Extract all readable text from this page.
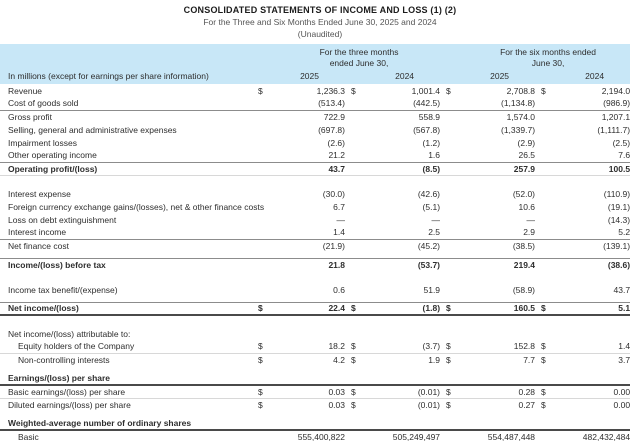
CONSOLIDATED STATEMENTS OF INCOME AND LOSS (1) (2)
For the Three and Six Months Ended June 30, 2025 and 2024
(Unaudited)
	For the three months				For the six months ended			
	ended June 30,				June 30,			
In millions (except for earnings per share information)	2025		2024		2025		2024	
Revenue	$	1,236.3	$	1,001.4	$	2,708.8	$	2,194.0
Cost of goods sold		(513.4)		(442.5)		(1,134.8)		(986.9)
Gross profit		722.9		558.9		1,574.0		1,207.1
Selling, general and administrative expenses		(697.8)		(567.8)		(1,339.7)		(1,111.7)
Impairment losses		(2.6)		(1.2)		(2.9)		(2.5)
Other operating income		21.2		1.6		26.5		7.6
Operating profit/(loss)		43.7		(8.5)		257.9		100.5

Interest expense		(30.0)		(42.6)		(52.0)		(110.9)
Foreign currency exchange gains/(losses), net & other finance costs		6.7		(5.1)		10.6		(19.1)
Loss on debt extinguishment		—		—		—		(14.3)
Interest income		1.4		2.5		2.9		5.2
Net finance cost		(21.9)		(45.2)		(38.5)		(139.1)

Income/(loss) before tax		21.8		(53.7)		219.4		(38.6)

Income tax benefit/(expense)		0.6		51.9		(58.9)		43.7

Net income/(loss)	$	22.4	$	(1.8)	$	160.5	$	5.1

Net income/(loss) attributable to:								
Equity holders of the Company	$	18.2	$	(3.7)	$	152.8	$	1.4
Non-controlling interests	$	4.2	$	1.9	$	7.7	$	3.7

Earnings/(loss) per share								
Basic earnings/(loss) per share	$	0.03	$	(0.01)	$	0.28	$	0.00
Diluted earnings/(loss) per share	$	0.03	$	(0.01)	$	0.27	$	0.00

Weighted-average number of ordinary shares								
Basic		555,400,822		505,249,497		554,487,448		482,432,484
